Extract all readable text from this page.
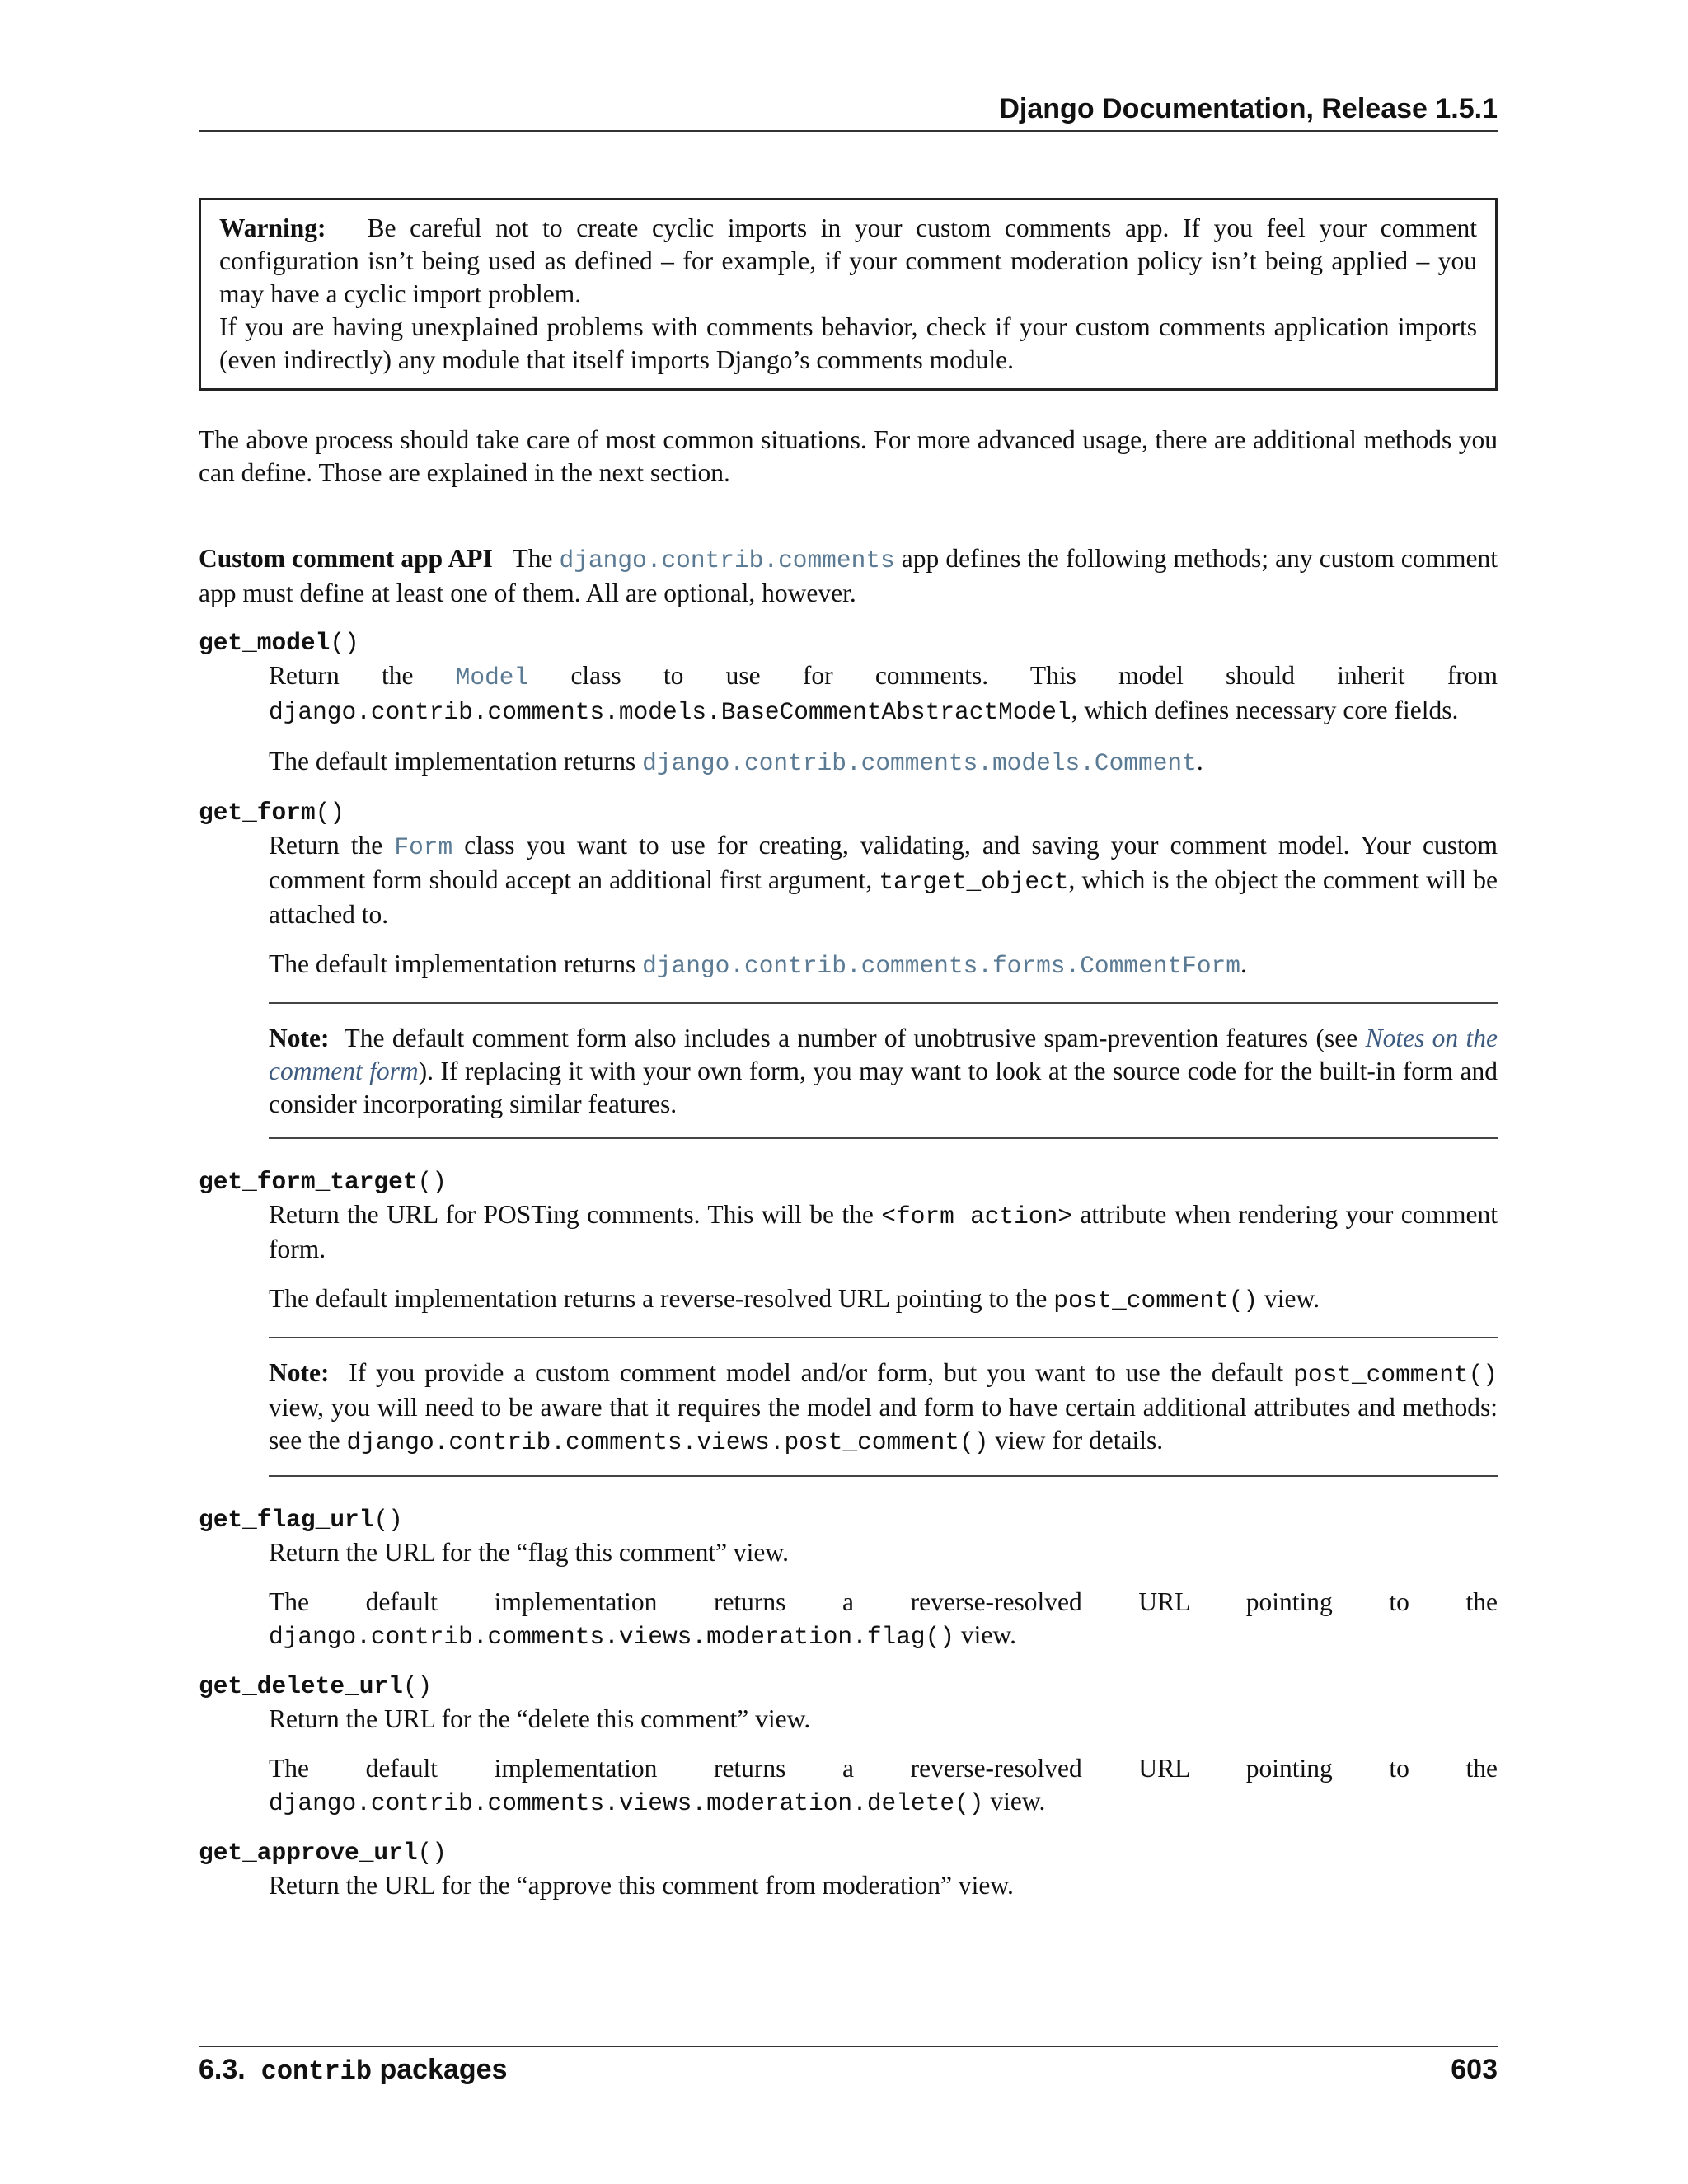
Django Documentation, Release 1.5.1

Warning: Be careful not to create cyclic imports in your custom comments app. If you feel your comment configuration isn’t being used as defined – for example, if your comment moderation policy isn’t being applied – you may have a cyclic import problem.

If you are having unexplained problems with comments behavior, check if your custom comments application imports (even indirectly) any module that itself imports Django’s comments module.

The above process should take care of most common situations. For more advanced usage, there are additional methods you can define. Those are explained in the next section.

Custom comment app API The django.contrib.comments app defines the following methods; any custom comment app must define at least one of them. All are optional, however.

get_model()

Return the Model class to use for comments. This model should inherit from django.contrib.comments.models.BaseCommentAbstractModel, which defines necessary core fields.

The default implementation returns django.contrib.comments.models.Comment.

get_form()

Return the Form class you want to use for creating, validating, and saving your comment model. Your custom comment form should accept an additional first argument, target_object, which is the object the comment will be attached to.

The default implementation returns django.contrib.comments.forms.CommentForm.

Note: The default comment form also includes a number of unobtrusive spam-prevention features (see Notes on the comment form). If replacing it with your own form, you may want to look at the source code for the built-in form and consider incorporating similar features.

get_form_target()

Return the URL for POSTing comments. This will be the <form action> attribute when rendering your comment form.

The default implementation returns a reverse-resolved URL pointing to the post_comment() view.

Note: If you provide a custom comment model and/or form, but you want to use the default post_comment() view, you will need to be aware that it requires the model and form to have certain additional attributes and methods: see the django.contrib.comments.views.post_comment() view for details.

get_flag_url()

Return the URL for the “flag this comment” view.

The default implementation returns a reverse-resolved URL pointing to the django.contrib.comments.views.moderation.flag() view.

get_delete_url()

Return the URL for the “delete this comment” view.

The default implementation returns a reverse-resolved URL pointing to the django.contrib.comments.views.moderation.delete() view.

get_approve_url()

Return the URL for the “approve this comment from moderation” view.

6.3. contrib packages	603
